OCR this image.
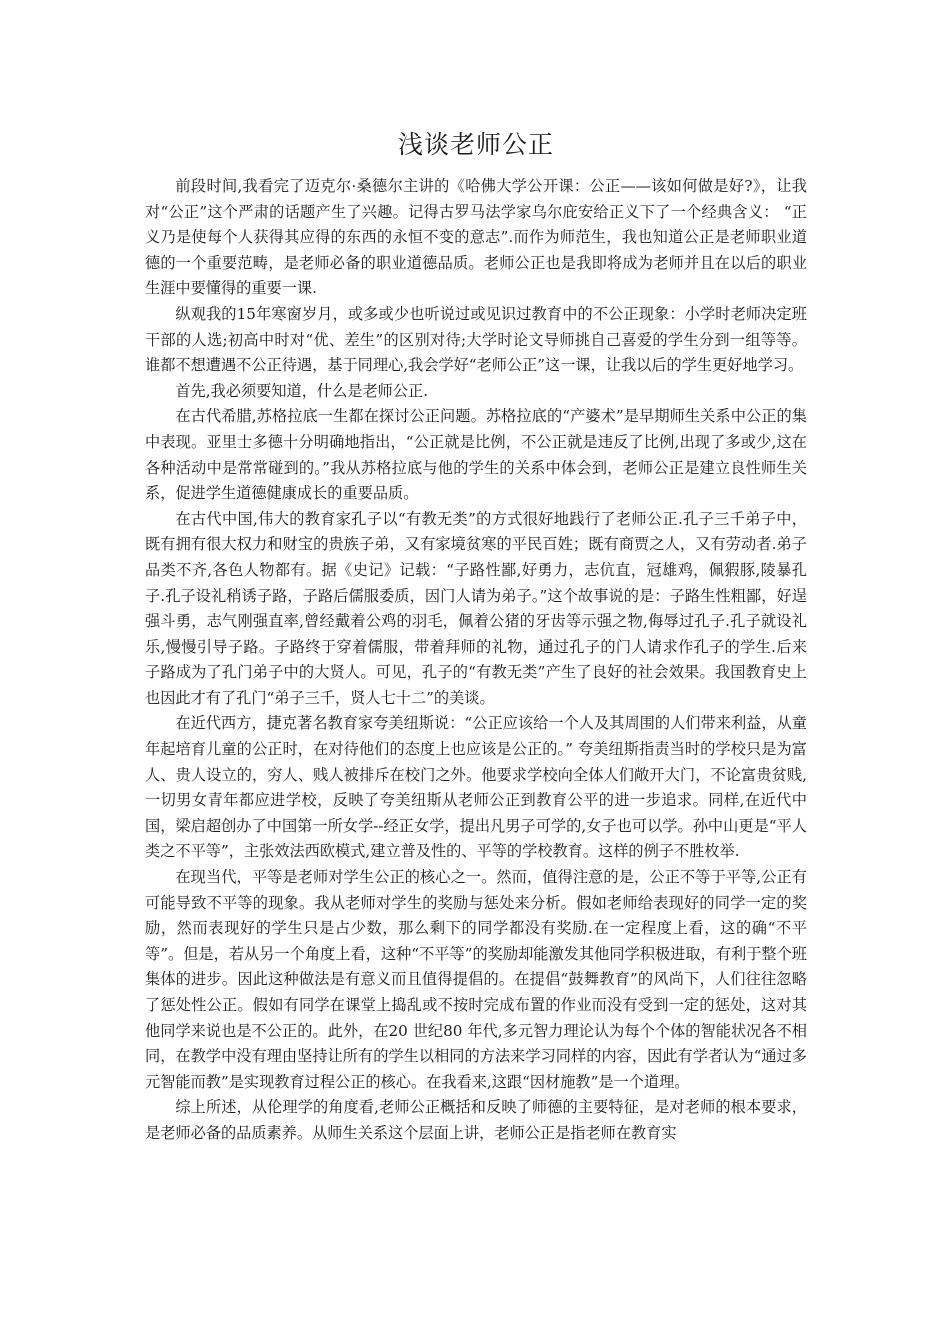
浅谈老师公正

前段时间,我看完了迈克尔·桑德尔主讲的《哈佛大学公开课：公正——该如何做是好?》，让我对“公正”这个严肃的话题产生了兴趣。记得古罗马法学家乌尔庇安给正义下了一个经典含义： “正义乃是使每个人获得其应得的东西的永恒不变的意志”.而作为师范生，我也知道公正是老师职业道德的一个重要范畴，是老师必备的职业道德品质。老师公正也是我即将成为老师并且在以后的职业生涯中要懂得的重要一课.

纵观我的15年寒窗岁月，或多或少也听说过或见识过教育中的不公正现象：小学时老师决定班干部的人选;初高中时对“优、差生”的区别对待;大学时论文导师挑自己喜爱的学生分到一组等等。谁都不想遭遇不公正待遇，基于同理心,我会学好“老师公正”这一课，让我以后的学生更好地学习。

首先,我必须要知道，什么是老师公正.

在古代希腊,苏格拉底一生都在探讨公正问题。苏格拉底的“产婆术”是早期师生关系中公正的集中表现。亚里士多德十分明确地指出，“公正就是比例，不公正就是违反了比例,出现了多或少,这在各种活动中是常常碰到的。”我从苏格拉底与他的学生的关系中体会到，老师公正是建立良性师生关系，促进学生道德健康成长的重要品质。

在古代中国,伟大的教育家孔子以“有教无类”的方式很好地践行了老师公正.孔子三千弟子中，既有拥有很大权力和财宝的贵族子弟，又有家境贫寒的平民百姓；既有商贾之人，又有劳动者.弟子品类不齐,各色人物都有。据《史记》记载：“子路性鄙,好勇力，志伉直，冠雄鸡，佩猳豚,陵暴孔子.孔子设礼稍诱子路，子路后儒服委质，因门人请为弟子。”这个故事说的是：子路生性粗鄙，好逞强斗勇，志气刚强直率,曾经戴着公鸡的羽毛，佩着公猪的牙齿等示强之物,侮辱过孔子.孔子就设礼乐,慢慢引导子路。子路终于穿着儒服，带着拜师的礼物，通过孔子的门人请求作孔子的学生.后来子路成为了孔门弟子中的大贤人。可见，孔子的“有教无类”产生了良好的社会效果。我国教育史上也因此才有了孔门“弟子三千，贤人七十二”的美谈。

在近代西方，捷克著名教育家夸美纽斯说：“公正应该给一个人及其周围的人们带来利益，从童年起培育儿童的公正时，在对待他们的态度上也应该是公正的。” 夸美纽斯指责当时的学校只是为富人、贵人设立的，穷人、贱人被排斥在校门之外。他要求学校向全体人们敞开大门，不论富贵贫贱,一切男女青年都应进学校，反映了夸美纽斯从老师公正到教育公平的进一步追求。同样,在近代中国，梁启超创办了中国第一所女学--经正女学，提出凡男子可学的,女子也可以学。孙中山更是“平人类之不平等”，主张效法西欧模式,建立普及性的、平等的学校教育。这样的例子不胜枚举.

在现当代，平等是老师对学生公正的核心之一。然而，值得注意的是，公正不等于平等,公正有可能导致不平等的现象。我从老师对学生的奖励与惩处来分析。假如老师给表现好的同学一定的奖励，然而表现好的学生只是占少数，那么剩下的同学都没有奖励.在一定程度上看，这的确“不平等”。但是，若从另一个角度上看，这种“不平等”的奖励却能激发其他同学积极进取，有利于整个班集体的进步。因此这种做法是有意义而且值得提倡的。在提倡“鼓舞教育”的风尚下，人们往往忽略了惩处性公正。假如有同学在课堂上捣乱或不按时完成布置的作业而没有受到一定的惩处，这对其他同学来说也是不公正的。此外，在20 世纪80 年代,多元智力理论认为每个个体的智能状况各不相同，在教学中没有理由坚持让所有的学生以相同的方法来学习同样的内容，因此有学者认为“通过多元智能而教”是实现教育过程公正的核心。在我看来,这跟“因材施教”是一个道理。

综上所述，从伦理学的角度看,老师公正概括和反映了师德的主要特征，是对老师的根本要求，是老师必备的品质素养。从师生关系这个层面上讲，老师公正是指老师在教育实
